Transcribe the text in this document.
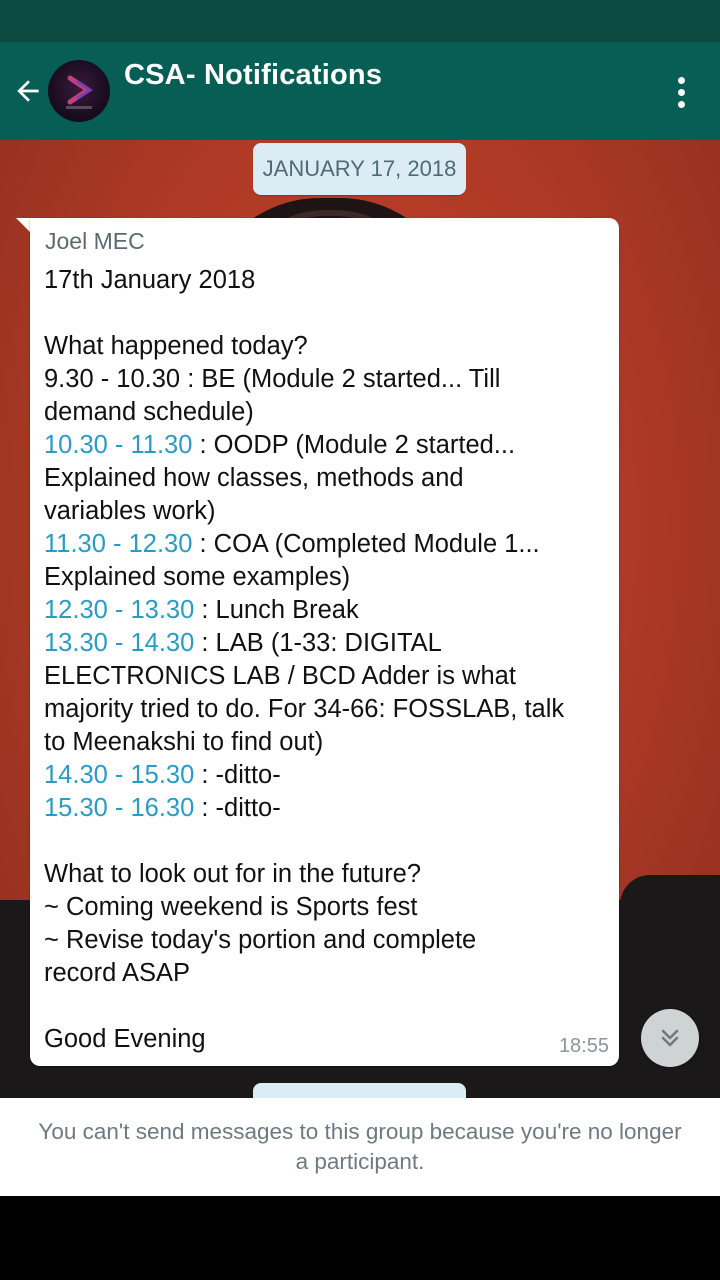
CSA- Notifications
JANUARY 17, 2018
Joel MEC
17th January 2018
What happened today?
9.30 - 10.30 : BE (Module 2 started... Till
demand schedule)
10.30 - 11.30 : OODP (Module 2 started...
Explained how classes, methods and
variables work)
11.30 - 12.30 : COA (Completed Module 1...
Explained some examples)
12.30 - 13.30 : Lunch Break
13.30 - 14.30 : LAB (1-33: DIGITAL
ELECTRONICS LAB / BCD Adder is what
majority tried to do. For 34-66: FOSSLAB, talk
to Meenakshi to find out)
14.30 - 15.30 : -ditto-
15.30 - 16.30 : -ditto-
What to look out for in the future?
~ Coming weekend is Sports fest
~ Revise today's portion and complete
record ASAP
Good Evening	18:55

You can't send messages to this group because you're no longer a participant.
